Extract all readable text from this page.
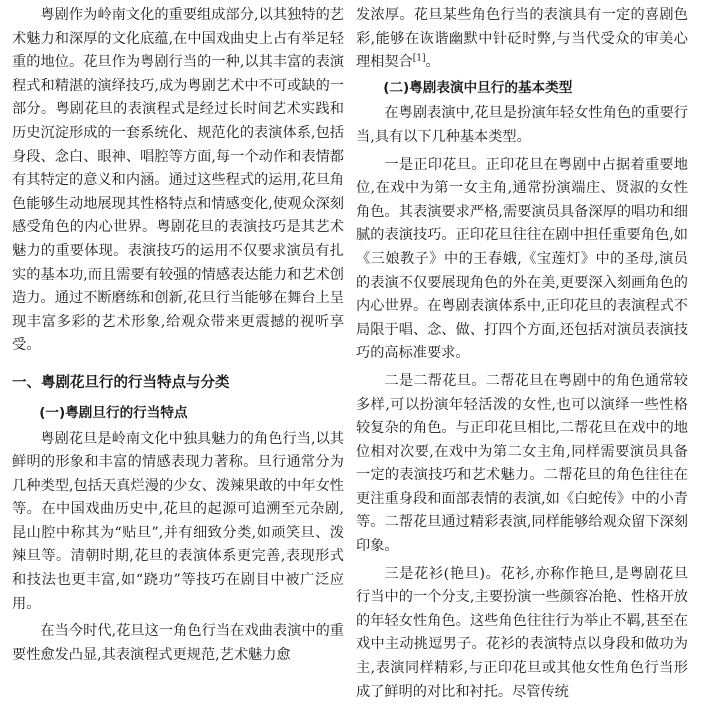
粤剧作为岭南文化的重要组成部分,以其独特的艺术魅力和深厚的文化底蕴,在中国戏曲史上占有举足轻重的地位。花旦作为粤剧行当的一种,以其丰富的表演程式和精湛的演绎技巧,成为粤剧艺术中不可或缺的一部分。粤剧花旦的表演程式是经过长时间艺术实践和历史沉淀形成的一套系统化、规范化的表演体系,包括身段、念白、眼神、唱腔等方面,每一个动作和表情都有其特定的意义和内涵。通过这些程式的运用,花旦角色能够生动地展现其性格特点和情感变化,使观众深刻感受角色的内心世界。粤剧花旦的表演技巧是其艺术魅力的重要体现。表演技巧的运用不仅要求演员有扎实的基本功,而且需要有较强的情感表达能力和艺术创造力。通过不断磨练和创新,花旦行当能够在舞台上呈现丰富多彩的艺术形象,给观众带来更震撼的视听享受。

一、粤剧花旦行的行当特点与分类
(一)粤剧旦行的行当特点

粤剧花旦是岭南文化中独具魅力的角色行当,以其鲜明的形象和丰富的情感表现力著称。旦行通常分为几种类型,包括天真烂漫的少女、泼辣果敢的中年女性等。在中国戏曲历史中,花旦的起源可追溯至元杂剧,昆山腔中称其为“贴旦”,并有细致分类,如顽笑旦、泼辣旦等。清朝时期,花旦的表演体系更完善,表现形式和技法也更丰富,如“跷功”等技巧在剧目中被广泛应用。

在当今时代,花旦这一角色行当在戏曲表演中的重要性愈发凸显,其表演程式更规范,艺术魅力愈

发浓厚。花旦某些角色行当的表演具有一定的喜剧色彩,能够在诙谐幽默中针砭时弊,与当代受众的审美心理相契合[1]。

(二)粤剧表演中旦行的基本类型

在粤剧表演中,花旦是扮演年轻女性角色的重要行当,具有以下几种基本类型。

一是正印花旦。正印花旦在粤剧中占据着重要地位,在戏中为第一女主角,通常扮演端庄、贤淑的女性角色。其表演要求严格,需要演员具备深厚的唱功和细腻的表演技巧。正印花旦往往在剧中担任重要角色,如《三娘教子》中的王春娥,《宝莲灯》中的圣母,演员的表演不仅要展现角色的外在美,更要深入刻画角色的内心世界。在粤剧表演体系中,正印花旦的表演程式不局限于唱、念、做、打四个方面,还包括对演员表演技巧的高标准要求。

二是二帮花旦。二帮花旦在粤剧中的角色通常较多样,可以扮演年轻活泼的女性,也可以演绎一些性格较复杂的角色。与正印花旦相比,二帮花旦在戏中的地位相对次要,在戏中为第二女主角,同样需要演员具备一定的表演技巧和艺术魅力。二帮花旦的角色往往在更注重身段和面部表情的表演,如《白蛇传》中的小青等。二帮花旦通过精彩表演,同样能够给观众留下深刻印象。

三是花衫(艳旦)。花衫,亦称作艳旦,是粤剧花旦行当中的一个分支,主要扮演一些颜容冶艳、性格开放的年轻女性角色。这些角色往往行为举止不羁,甚至在戏中主动挑逗男子。花衫的表演特点以身段和做功为主,表演同样精彩,与正印花旦或其他女性角色行当形成了鲜明的对比和衬托。尽管传统
